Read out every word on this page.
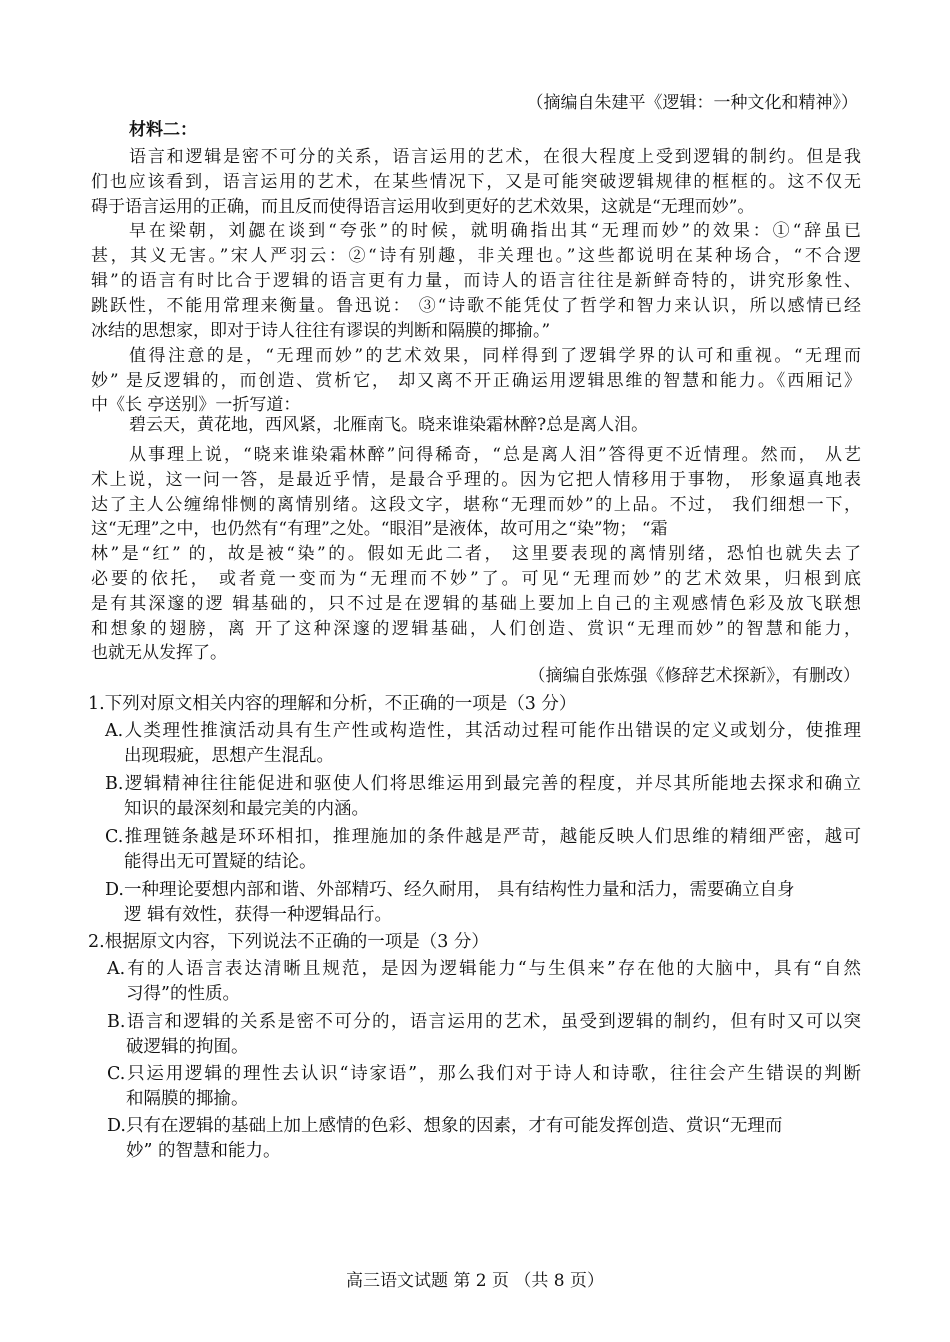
（摘编自朱建平《逻辑：一种文化和精神》）
材料二：
语言和逻辑是密不可分的关系，语言运用的艺术，在很大程度上受到逻辑的制约。但是我
们也应该看到，语言运用的艺术，在某些情况下，又是可能突破逻辑规律的框框的。这不仅无
碍于语言运用的正确，而且反而使得语言运用收到更好的艺术效果，这就是“无理而妙”。
早在梁朝，刘勰在谈到“夸张”的时候，就明确指出其“无理而妙”的效果：①“辞虽已
甚，其义无害。”宋人严羽云：②“诗有别趣，非关理也。”这些都说明在某种场合，“不合逻
辑”的语言有时比合于逻辑的语言更有力量，而诗人的语言往往是新鲜奇特的，讲究形象性、
跳跃性，不能用常理来衡量。鲁迅说： ③“诗歌不能凭仗了哲学和智力来认识，所以感情已经
冰结的思想家，即对于诗人往往有谬误的判断和隔膜的揶揄。”
值得注意的是，“无理而妙”的艺术效果，同样得到了逻辑学界的认可和重视。“无理而
妙” 是反逻辑的，而创造、赏析它， 却又离不开正确运用逻辑思维的智慧和能力。《西厢记》
中《长 亭送别》一折写道：
碧云天，黄花地，西风紧，北雁南飞。晓来谁染霜林醉?总是离人泪。
从事理上说，“晓来谁染霜林醉”问得稀奇，“总是离人泪”答得更不近情理。然而， 从艺
术上说，这一问一答，是最近乎情，是最合乎理的。因为它把人情移用于事物， 形象逼真地表
达了主人公缠绵悱恻的离情别绪。这段文字，堪称“无理而妙”的上品。不过， 我们细想一下，
这“无理”之中，也仍然有“有理”之处。“眼泪”是液体，故可用之“染”物； “霜
林”是“红” 的，故是被“染”的。假如无此二者， 这里要表现的离情别绪，恐怕也就失去了
必要的依托， 或者竟一变而为“无理而不妙”了。可见“无理而妙”的艺术效果，归根到底
是有其深邃的逻 辑基础的，只不过是在逻辑的基础上要加上自己的主观感情色彩及放飞联想
和想象的翅膀，离 开了这种深邃的逻辑基础，人们创造、赏识“无理而妙”的智慧和能力，
也就无从发挥了。
（摘编自张炼强《修辞艺术探新》，有删改）
1.下列对原文相关内容的理解和分析，不正确的一项是（3 分）
A.人类理性推演活动具有生产性或构造性，其活动过程可能作出错误的定义或划分，使推理
出现瑕疵，思想产生混乱。
B.逻辑精神往往能促进和驱使人们将思维运用到最完善的程度，并尽其所能地去探求和确立
知识的最深刻和最完美的内涵。
C.推理链条越是环环相扣，推理施加的条件越是严苛，越能反映人们思维的精细严密，越可
能得出无可置疑的结论。
D.一种理论要想内部和谐、外部精巧、经久耐用， 具有结构性力量和活力，需要确立自身
逻 辑有效性，获得一种逻辑品行。
2.根据原文内容，下列说法不正确的一项是（3 分）
A.有的人语言表达清晰且规范，是因为逻辑能力“与生俱来”存在他的大脑中，具有“自然
习得”的性质。
B.语言和逻辑的关系是密不可分的，语言运用的艺术，虽受到逻辑的制约，但有时又可以突
破逻辑的拘囿。
C.只运用逻辑的理性去认识“诗家语”，那么我们对于诗人和诗歌，往往会产生错误的判断
和隔膜的揶揄。
D.只有在逻辑的基础上加上感情的色彩、想象的因素，才有可能发挥创造、赏识“无理而
妙” 的智慧和能力。
高三语文试题 第 2 页 （共 8 页）
